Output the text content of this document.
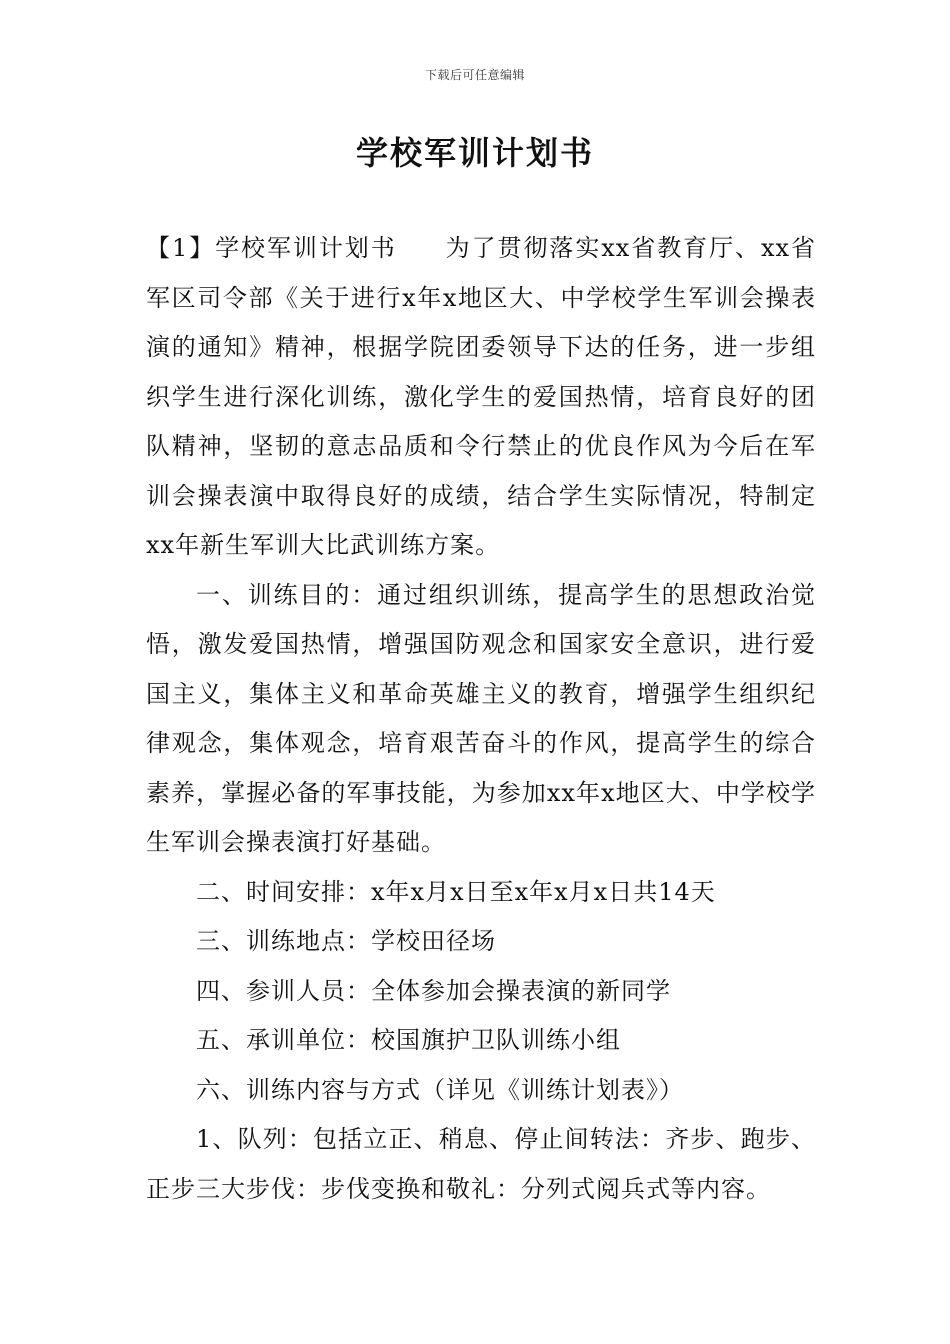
下载后可任意编辑
学校军训计划书

【1】学校军训计划书 为了贯彻落实xx省教育厅、xx省军区司令部《关于进行x年x地区大、中学校学生军训会操表演的通知》精神，根据学院团委领导下达的任务，进一步组织学生进行深化训练，激化学生的爱国热情，培育良好的团队精神，坚韧的意志品质和令行禁止的优良作风为今后在军训会操表演中取得良好的成绩，结合学生实际情况，特制定xx年新生军训大比武训练方案。

一、训练目的：通过组织训练，提高学生的思想政治觉悟，激发爱国热情，增强国防观念和国家安全意识，进行爱国主义，集体主义和革命英雄主义的教育，增强学生组织纪律观念，集体观念，培育艰苦奋斗的作风，提高学生的综合素养，掌握必备的军事技能，为参加xx年x地区大、中学校学生军训会操表演打好基础。

二、时间安排：x年x月x日至x年x月x日共14天

三、训练地点：学校田径场

四、参训人员：全体参加会操表演的新同学

五、承训单位：校国旗护卫队训练小组

六、训练内容与方式（详见《训练计划表》）

1、队列：包括立正、稍息、停止间转法：齐步、跑步、正步三大步伐：步伐变换和敬礼：分列式阅兵式等内容。
